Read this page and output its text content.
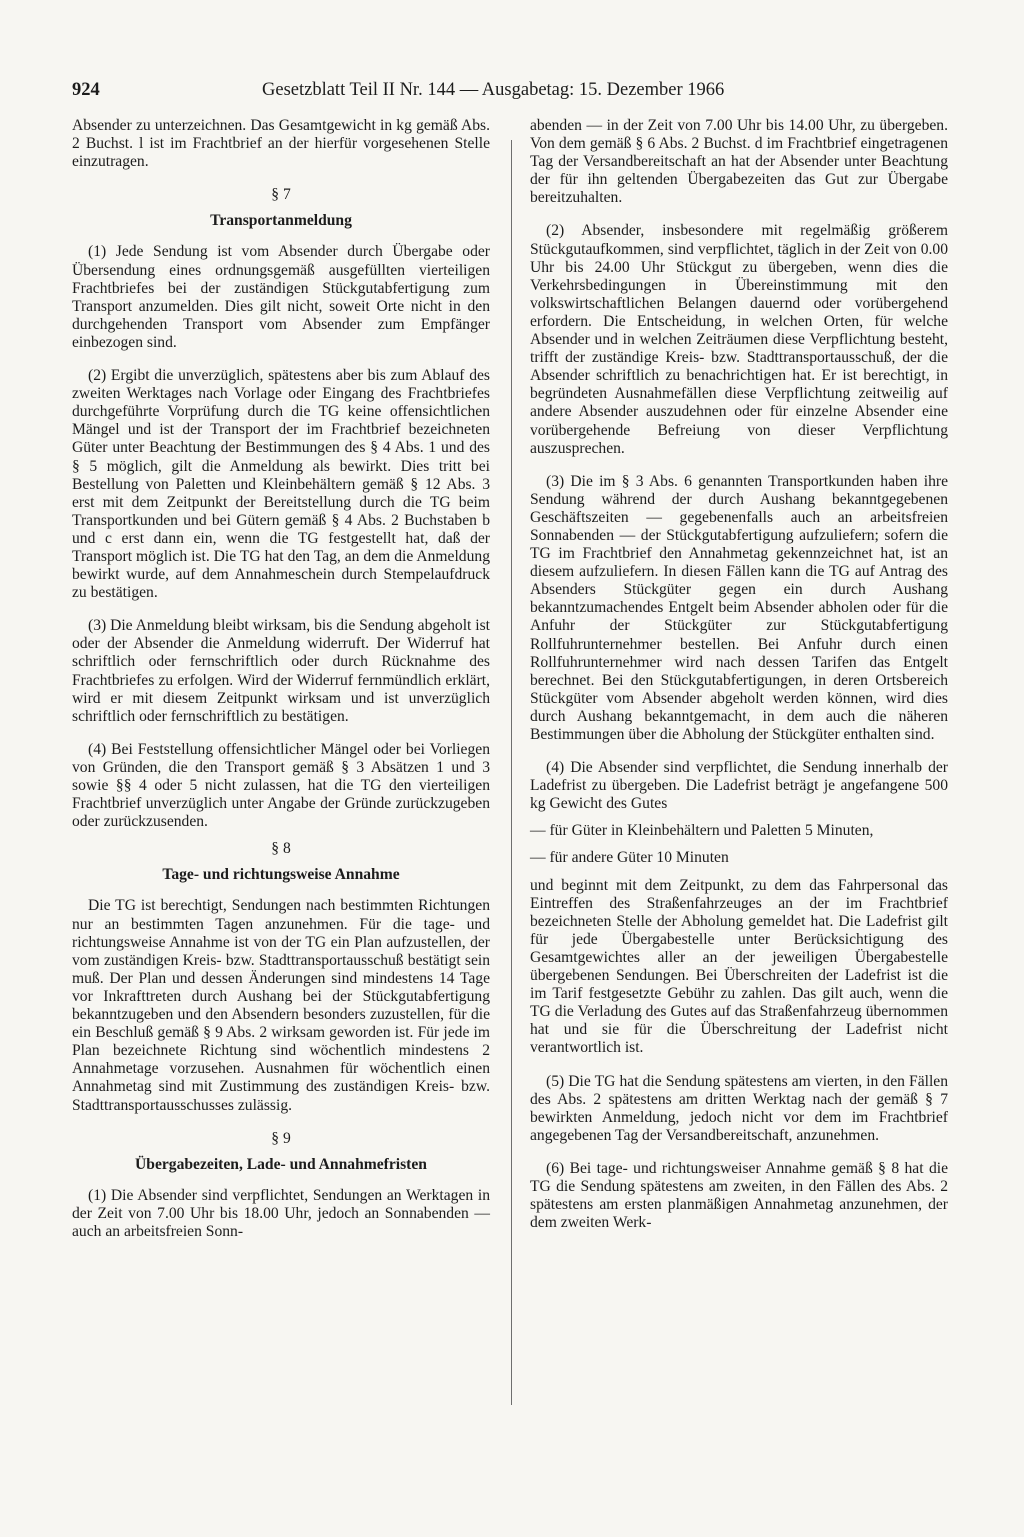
924	Gesetzblatt Teil II Nr. 144 — Ausgabetag: 15. Dezember 1966

Absender zu unterzeichnen. Das Gesamtgewicht in kg gemäß Abs. 2 Buchst. l ist im Frachtbrief an der hierfür vorgesehenen Stelle einzutragen.

§ 7
Transportanmeldung

(1) Jede Sendung ist vom Absender durch Übergabe oder Übersendung eines ordnungsgemäß ausgefüllten vierteiligen Frachtbriefes bei der zuständigen Stückgutabfertigung zum Transport anzumelden. Dies gilt nicht, soweit Orte nicht in den durchgehenden Transport vom Absender zum Empfänger einbezogen sind.

(2) Ergibt die unverzüglich, spätestens aber bis zum Ablauf des zweiten Werktages nach Vorlage oder Eingang des Frachtbriefes durchgeführte Vorprüfung durch die TG keine offensichtlichen Mängel und ist der Transport der im Frachtbrief bezeichneten Güter unter Beachtung der Bestimmungen des § 4 Abs. 1 und des § 5 möglich, gilt die Anmeldung als bewirkt. Dies tritt bei Bestellung von Paletten und Kleinbehältern gemäß § 12 Abs. 3 erst mit dem Zeitpunkt der Bereitstellung durch die TG beim Transportkunden und bei Gütern gemäß § 4 Abs. 2 Buchstaben b und c erst dann ein, wenn die TG festgestellt hat, daß der Transport möglich ist. Die TG hat den Tag, an dem die Anmeldung bewirkt wurde, auf dem Annahmeschein durch Stempelaufdruck zu bestätigen.

(3) Die Anmeldung bleibt wirksam, bis die Sendung abgeholt ist oder der Absender die Anmeldung widerruft. Der Widerruf hat schriftlich oder fernschriftlich oder durch Rücknahme des Frachtbriefes zu erfolgen. Wird der Widerruf fernmündlich erklärt, wird er mit diesem Zeitpunkt wirksam und ist unverzüglich schriftlich oder fernschriftlich zu bestätigen.

(4) Bei Feststellung offensichtlicher Mängel oder bei Vorliegen von Gründen, die den Transport gemäß § 3 Absätzen 1 und 3 sowie §§ 4 oder 5 nicht zulassen, hat die TG den vierteiligen Frachtbrief unverzüglich unter Angabe der Gründe zurückzugeben oder zurückzusenden.

§ 8
Tage- und richtungsweise Annahme

Die TG ist berechtigt, Sendungen nach bestimmten Richtungen nur an bestimmten Tagen anzunehmen. Für die tage- und richtungsweise Annahme ist von der TG ein Plan aufzustellen, der vom zuständigen Kreis- bzw. Stadttransportausschuß bestätigt sein muß. Der Plan und dessen Änderungen sind mindestens 14 Tage vor Inkrafttreten durch Aushang bei der Stückgutabfertigung bekanntzugeben und den Absendern besonders zuzustellen, für die ein Beschluß gemäß § 9 Abs. 2 wirksam geworden ist. Für jede im Plan bezeichnete Richtung sind wöchentlich mindestens 2 Annahmetage vorzusehen. Ausnahmen für wöchentlich einen Annahmetag sind mit Zustimmung des zuständigen Kreis- bzw. Stadttransportausschusses zulässig.

§ 9
Übergabezeiten, Lade- und Annahmefristen

(1) Die Absender sind verpflichtet, Sendungen an Werktagen in der Zeit von 7.00 Uhr bis 18.00 Uhr, jedoch an Sonnabenden — auch an arbeitsfreien Sonn-

abenden — in der Zeit von 7.00 Uhr bis 14.00 Uhr, zu übergeben. Von dem gemäß § 6 Abs. 2 Buchst. d im Frachtbrief eingetragenen Tag der Versandbereitschaft an hat der Absender unter Beachtung der für ihn geltenden Übergabezeiten das Gut zur Übergabe bereitzuhalten.

(2) Absender, insbesondere mit regelmäßig größerem Stückgutaufkommen, sind verpflichtet, täglich in der Zeit von 0.00 Uhr bis 24.00 Uhr Stückgut zu übergeben, wenn dies die Verkehrsbedingungen in Übereinstimmung mit den volkswirtschaftlichen Belangen dauernd oder vorübergehend erfordern. Die Entscheidung, in welchen Orten, für welche Absender und in welchen Zeiträumen diese Verpflichtung besteht, trifft der zuständige Kreis- bzw. Stadttransportausschuß, der die Absender schriftlich zu benachrichtigen hat. Er ist berechtigt, in begründeten Ausnahmefällen diese Verpflichtung zeitweilig auf andere Absender auszudehnen oder für einzelne Absender eine vorübergehende Befreiung von dieser Verpflichtung auszusprechen.

(3) Die im § 3 Abs. 6 genannten Transportkunden haben ihre Sendung während der durch Aushang bekanntgegebenen Geschäftszeiten — gegebenenfalls auch an arbeitsfreien Sonnabenden — der Stückgutabfertigung aufzuliefern; sofern die TG im Frachtbrief den Annahmetag gekennzeichnet hat, ist an diesem aufzuliefern. In diesen Fällen kann die TG auf Antrag des Absenders Stückgüter gegen ein durch Aushang bekanntzumachendes Entgelt beim Absender abholen oder für die Anfuhr der Stückgüter zur Stückgutabfertigung Rollfuhrunternehmer bestellen. Bei Anfuhr durch einen Rollfuhrunternehmer wird nach dessen Tarifen das Entgelt berechnet. Bei den Stückgutabfertigungen, in deren Ortsbereich Stückgüter vom Absender abgeholt werden können, wird dies durch Aushang bekanntgemacht, in dem auch die näheren Bestimmungen über die Abholung der Stückgüter enthalten sind.

(4) Die Absender sind verpflichtet, die Sendung innerhalb der Ladefrist zu übergeben. Die Ladefrist beträgt je angefangene 500 kg Gewicht des Gutes

— für Güter in Kleinbehältern und Paletten 5 Minuten,

— für andere Güter 10 Minuten

und beginnt mit dem Zeitpunkt, zu dem das Fahrpersonal das Eintreffen des Straßenfahrzeuges an der im Frachtbrief bezeichneten Stelle der Abholung gemeldet hat. Die Ladefrist gilt für jede Übergabestelle unter Berücksichtigung des Gesamtgewichtes aller an der jeweiligen Übergabestelle übergebenen Sendungen. Bei Überschreiten der Ladefrist ist die im Tarif festgesetzte Gebühr zu zahlen. Das gilt auch, wenn die TG die Verladung des Gutes auf das Straßenfahrzeug übernommen hat und sie für die Überschreitung der Ladefrist nicht verantwortlich ist.

(5) Die TG hat die Sendung spätestens am vierten, in den Fällen des Abs. 2 spätestens am dritten Werktag nach der gemäß § 7 bewirkten Anmeldung, jedoch nicht vor dem im Frachtbrief angegebenen Tag der Versandbereitschaft, anzunehmen.

(6) Bei tage- und richtungsweiser Annahme gemäß § 8 hat die TG die Sendung spätestens am zweiten, in den Fällen des Abs. 2 spätestens am ersten planmäßigen Annahmetag anzunehmen, der dem zweiten Werk-
